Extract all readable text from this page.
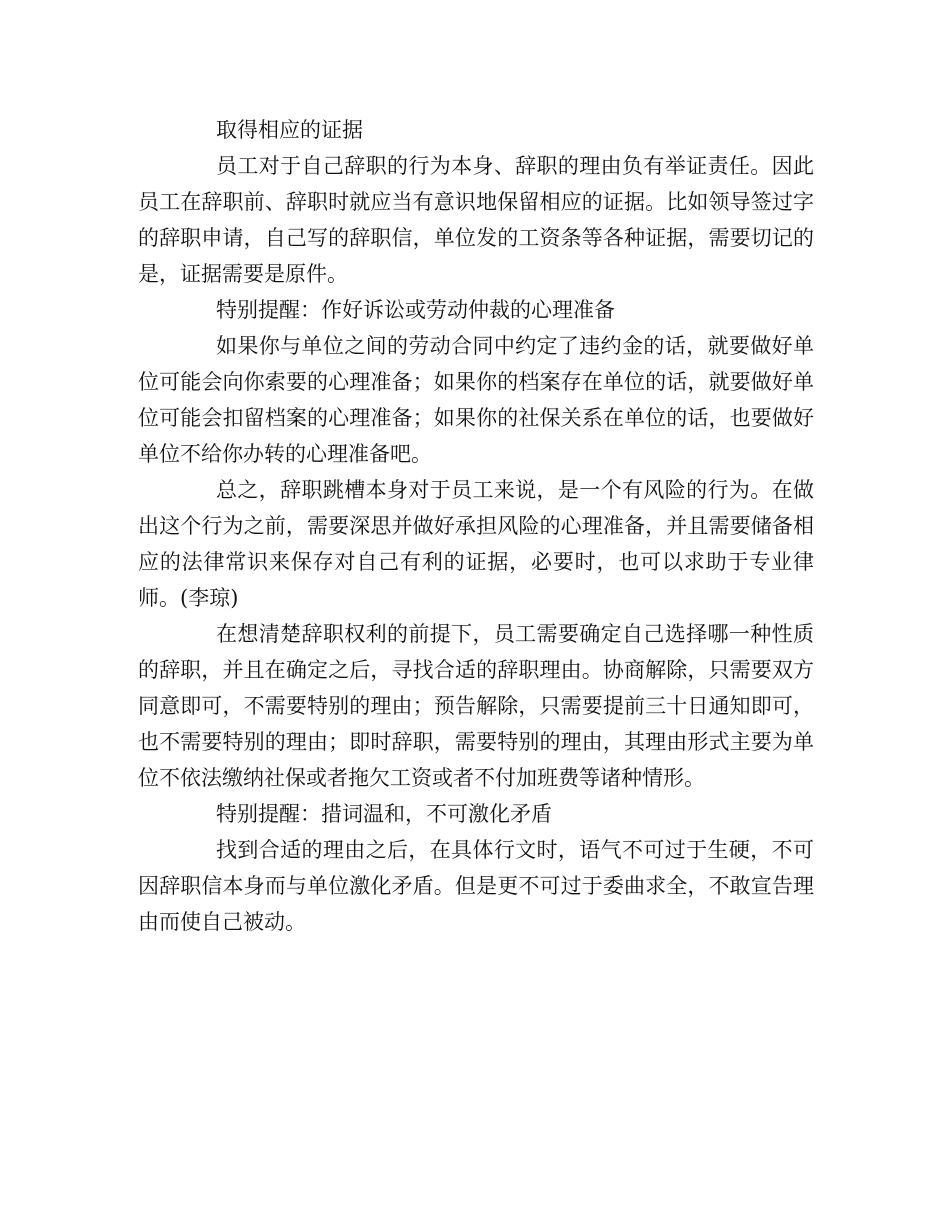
取得相应的证据

员工对于自己辞职的行为本身、辞职的理由负有举证责任。因此员工在辞职前、辞职时就应当有意识地保留相应的证据。比如领导签过字的辞职申请，自己写的辞职信，单位发的工资条等各种证据，需要切记的是，证据需要是原件。

特别提醒：作好诉讼或劳动仲裁的心理准备

如果你与单位之间的劳动合同中约定了违约金的话，就要做好单位可能会向你索要的心理准备；如果你的档案存在单位的话，就要做好单位可能会扣留档案的心理准备；如果你的社保关系在单位的话，也要做好单位不给你办转的心理准备吧。

总之，辞职跳槽本身对于员工来说，是一个有风险的行为。在做出这个行为之前，需要深思并做好承担风险的心理准备，并且需要储备相应的法律常识来保存对自己有利的证据，必要时，也可以求助于专业律师。(李琼)

在想清楚辞职权利的前提下，员工需要确定自己选择哪一种性质的辞职，并且在确定之后，寻找合适的辞职理由。协商解除，只需要双方同意即可，不需要特别的理由；预告解除，只需要提前三十日通知即可，也不需要特别的理由；即时辞职，需要特别的理由，其理由形式主要为单位不依法缴纳社保或者拖欠工资或者不付加班费等诸种情形。

特别提醒：措词温和，不可激化矛盾

找到合适的理由之后，在具体行文时，语气不可过于生硬，不可因辞职信本身而与单位激化矛盾。但是更不可过于委曲求全，不敢宣告理由而使自己被动。
